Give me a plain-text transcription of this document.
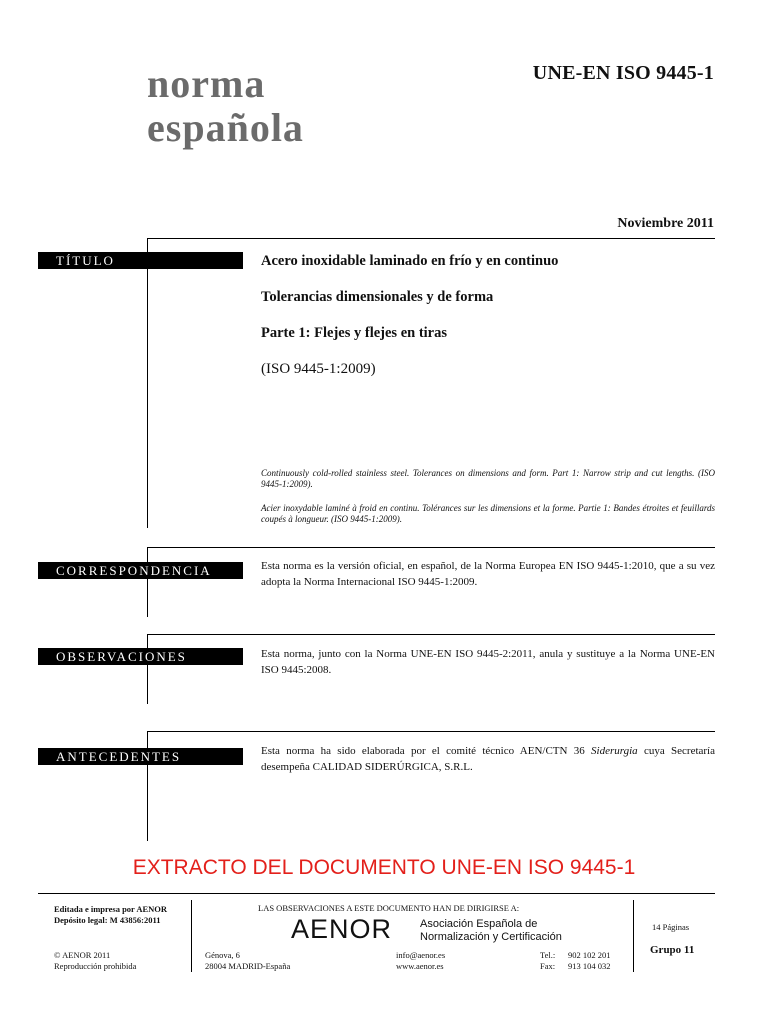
norma
española
UNE-EN ISO 9445-1
Noviembre 2011
TÍTULO	Acero inoxidable laminado en frío y en continuo
Tolerancias dimensionales y de forma
Parte 1: Flejes y flejes en tiras
(ISO 9445-1:2009)
Continuously cold-rolled stainless steel. Tolerances on dimensions and form. Part 1: Narrow strip and cut lengths. (ISO 9445-1:2009).
Acier inoxydable laminé à froid en continu. Tolérances sur les dimensions et la forme. Partie 1: Bandes étroites et feuillards coupés à longueur. (ISO 9445-1:2009).
CORRESPONDENCIA	Esta norma es la versión oficial, en español, de la Norma Europea EN ISO 9445-1:2010, que a su vez adopta la Norma Internacional ISO 9445-1:2009.
OBSERVACIONES	Esta norma, junto con la Norma UNE-EN ISO 9445-2:2011, anula y sustituye a la Norma UNE-EN ISO 9445:2008.
ANTECEDENTES	Esta norma ha sido elaborada por el comité técnico AEN/CTN 36 Siderurgia cuya Secretaría desempeña CALIDAD SIDERÚRGICA, S.R.L.
EXTRACTO DEL DOCUMENTO UNE-EN ISO 9445-1
Editada e impresa por AENOR
Depósito legal: M 43856:2011
© AENOR 2011
Reproducción prohibida
LAS OBSERVACIONES A ESTE DOCUMENTO HAN DE DIRIGIRSE A:
AENOR	Asociación Española de
Normalización y Certificación
Génova, 6
28004 MADRID-España
info@aenor.es
www.aenor.es
Tel.: 902 102 201
Fax: 913 104 032
14 Páginas
Grupo 11
